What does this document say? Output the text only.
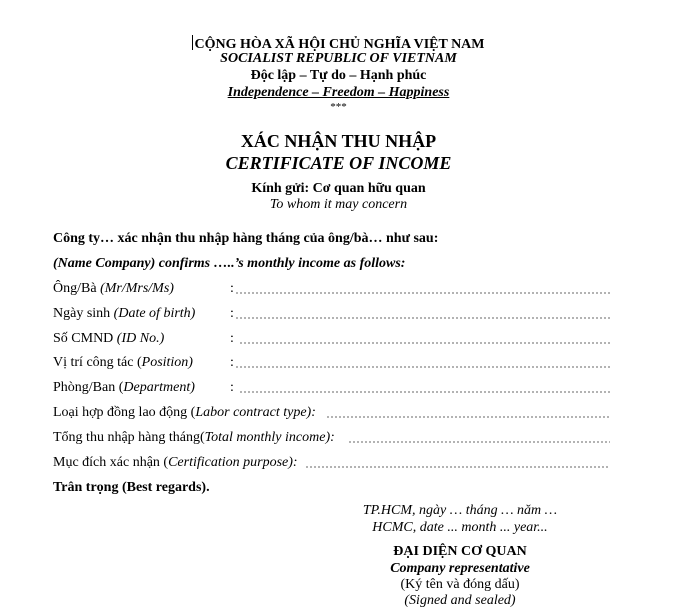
CỘNG HÒA XÃ HỘI CHỦ NGHĨA VIỆT NAM
SOCIALIST REPUBLIC OF VIETNAM
Độc lập – Tự do – Hạnh phúc
Independence – Freedom – Happiness
***
XÁC NHẬN THU NHẬP
CERTIFICATE OF INCOME
Kính gửi: Cơ quan hữu quan
To whom it may concern
Công ty… xác nhận thu nhập hàng tháng của ông/bà… như sau:
(Name Company) confirms …..’s monthly income as follows:
Ông/Bà (Mr/Mrs/Ms)	:
Ngày sinh (Date of birth) :
Số CMND (ID No.)	:
Vị trí công tác (Position)	:
Phòng/Ban (Department)	:
Loại hợp đồng lao động (Labor contract type):
Tổng thu nhập hàng tháng(Total monthly income):
Mục đích xác nhận (Certification purpose):
Trân trọng (Best regards).
TP.HCM, ngày … tháng … năm …
HCMC, date ... month ... year...
ĐẠI DIỆN CƠ QUAN
Company representative
(Ký tên và đóng dấu)
(Signed and sealed)
